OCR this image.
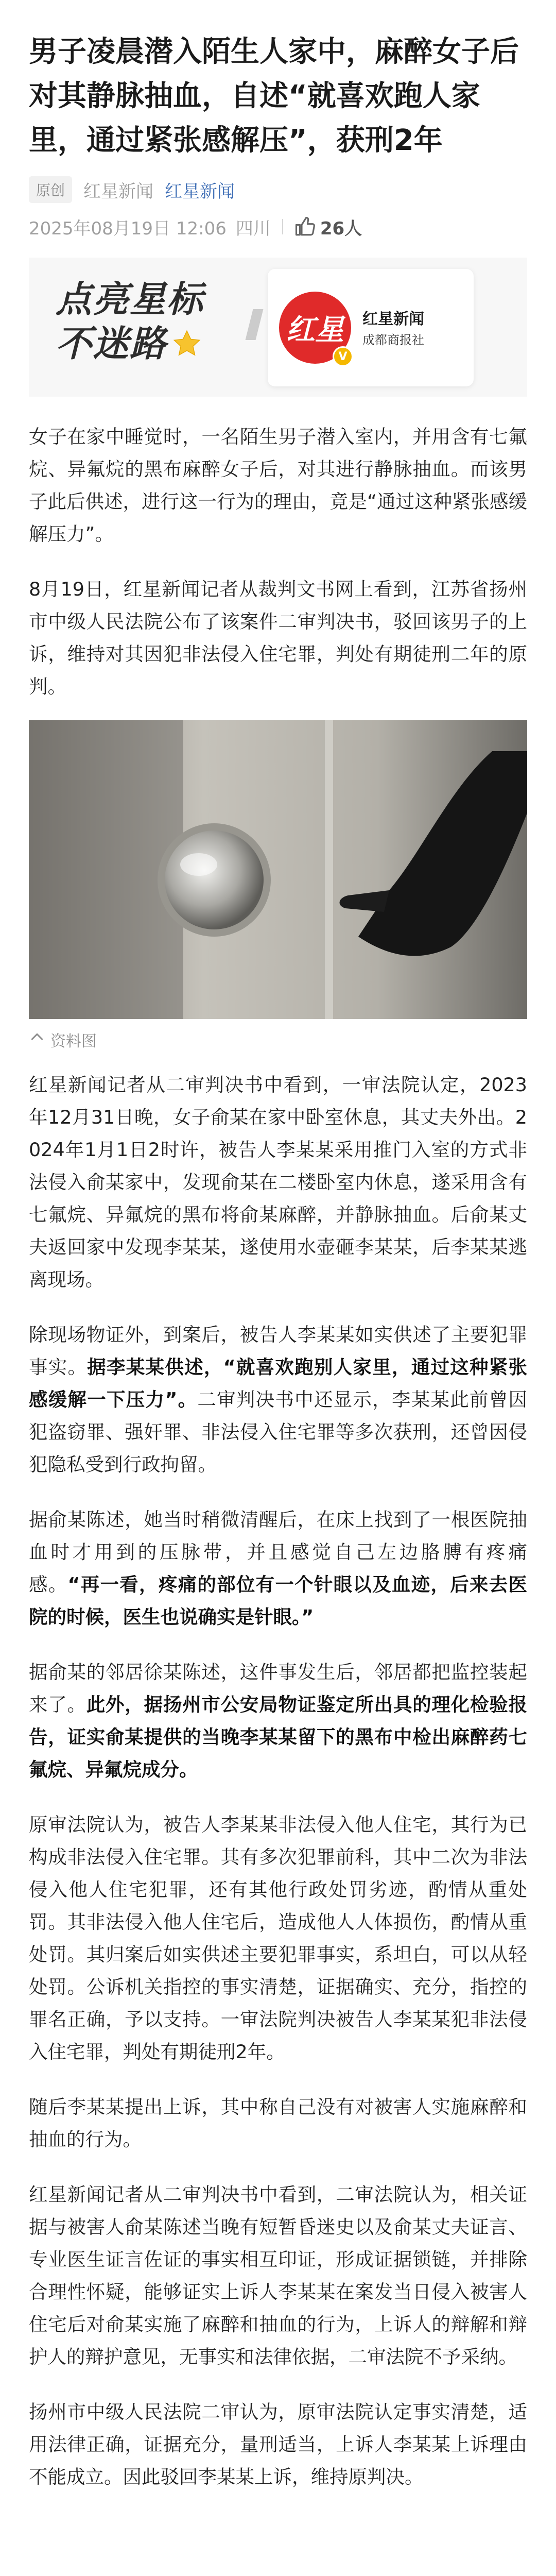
男子凌晨潜入陌生人家中，麻醉女子后对其静脉抽血，自述“就喜欢跑人家里，通过紧张感解压”，获刑2年
原创	红星新闻 红星新闻
2025年08月19日 12:06 四川	26人
点亮星标
不迷路	红星
V
红星新闻
成都商报社

女子在家中睡觉时，一名陌生男子潜入室内，并用含有七氟烷、异氟烷的黑布麻醉女子后，对其进行静脉抽血。而该男子此后供述，进行这一行为的理由，竟是“通过这种紧张感缓解压力”。

8月19日，红星新闻记者从裁判文书网上看到，江苏省扬州市中级人民法院公布了该案件二审判决书，驳回该男子的上诉，维持对其因犯非法侵入住宅罪，判处有期徒刑二年的原判。

资料图

红星新闻记者从二审判决书中看到，一审法院认定，2023年12月31日晚，女子俞某在家中卧室休息，其丈夫外出。2024年1月1日2时许，被告人李某某采用推门入室的方式非法侵入俞某家中，发现俞某在二楼卧室内休息，遂采用含有七氟烷、异氟烷的黑布将俞某麻醉，并静脉抽血。后俞某丈夫返回家中发现李某某，遂使用水壶砸李某某，后李某某逃离现场。

除现场物证外，到案后，被告人李某某如实供述了主要犯罪事实。据李某某供述，“就喜欢跑别人家里，通过这种紧张感缓解一下压力”。二审判决书中还显示，李某某此前曾因犯盗窃罪、强奸罪、非法侵入住宅罪等多次获刑，还曾因侵犯隐私受到行政拘留。

据俞某陈述，她当时稍微清醒后，在床上找到了一根医院抽血时才用到的压脉带，并且感觉自己左边胳膊有疼痛感。“再一看，疼痛的部位有一个针眼以及血迹，后来去医院的时候，医生也说确实是针眼。”

据俞某的邻居徐某陈述，这件事发生后，邻居都把监控装起来了。此外，据扬州市公安局物证鉴定所出具的理化检验报告，证实俞某提供的当晚李某某留下的黑布中检出麻醉药七氟烷、异氟烷成分。

原审法院认为，被告人李某某非法侵入他人住宅，其行为已构成非法侵入住宅罪。其有多次犯罪前科，其中二次为非法侵入他人住宅犯罪，还有其他行政处罚劣迹，酌情从重处罚。其非法侵入他人住宅后，造成他人人体损伤，酌情从重处罚。其归案后如实供述主要犯罪事实，系坦白，可以从轻处罚。公诉机关指控的事实清楚，证据确实、充分，指控的罪名正确，予以支持。一审法院判决被告人李某某犯非法侵入住宅罪，判处有期徒刑2年。

随后李某某提出上诉，其中称自己没有对被害人实施麻醉和抽血的行为。

红星新闻记者从二审判决书中看到，二审法院认为，相关证据与被害人俞某陈述当晚有短暂昏迷史以及俞某丈夫证言、专业医生证言佐证的事实相互印证，形成证据锁链，并排除合理性怀疑，能够证实上诉人李某某在案发当日侵入被害人住宅后对俞某实施了麻醉和抽血的行为，上诉人的辩解和辩护人的辩护意见，无事实和法律依据，二审法院不予采纳。

扬州市中级人民法院二审认为，原审法院认定事实清楚，适用法律正确，证据充分，量刑适当，上诉人李某某上诉理由不能成立。因此驳回李某某上诉，维持原判决。
